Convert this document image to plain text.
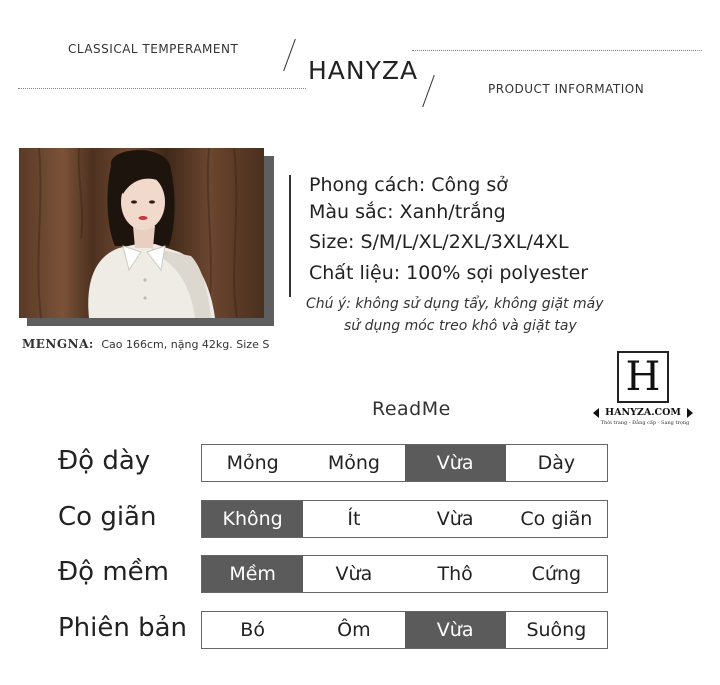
CLASSICAL TEMPERAMENT
HANYZA
PRODUCT INFORMATION
MENGNA: Cao 166cm, nặng 42kg. Size S
Phong cách: Công sở
Màu sắc: Xanh/trắng
Size: S/M/L/XL/2XL/3XL/4XL
Chất liệu: 100% sợi polyester
Chú ý: không sử dụng tẩy, không giặt máy
sử dụng móc treo khô và giặt tay
H
HANYZA.COM
Thời trang - Đẳng cấp - Sang trọng
ReadMe
Độ dày	Mỏng	Mỏng	Vừa	Dày
Co giãn	Không	Ít	Vừa	Co giãn
Độ mềm	Mềm	Vừa	Thô	Cứng
Phiên bản	Bó	Ôm	Vừa	Suông
